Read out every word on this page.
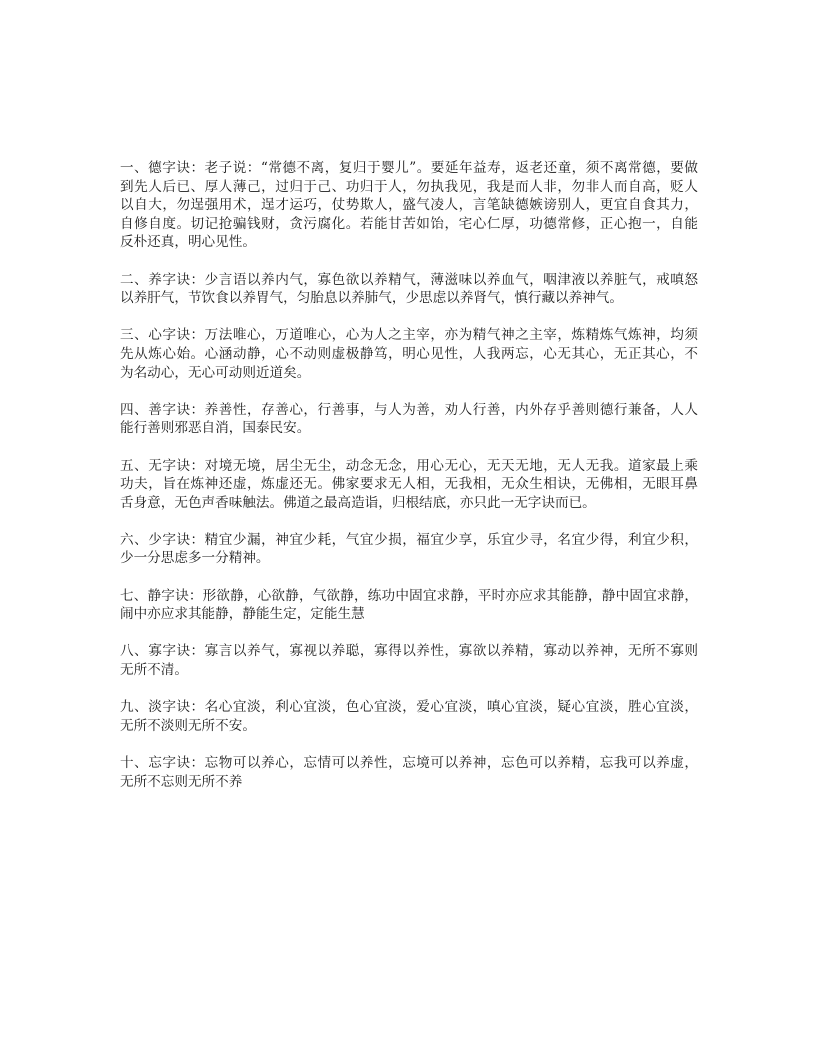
一、德字诀：老子说：“常德不离，复归于婴儿”。要延年益寿，返老还童，须不离常德，要做
到先人后已、厚人薄己，过归于己、功归于人，勿执我见，我是而人非，勿非人而自高，贬人
以自大，勿逞强用术，逞才运巧，仗势欺人，盛气凌人，言笔缺德嫉谤别人，更宜自食其力，
自修自度。切记抢骗钱财，贪污腐化。若能甘苦如饴，宅心仁厚，功德常修，正心抱一，自能
反朴还真，明心见性。

二、养字诀：少言语以养内气，寡色欲以养精气，薄滋味以养血气，咽津液以养脏气，戒嗔怒
以养肝气，节饮食以养胃气，匀胎息以养肺气，少思虑以养肾气，慎行藏以养神气。

三、心字诀：万法唯心，万道唯心，心为人之主宰，亦为精气神之主宰，炼精炼气炼神，均须
先从炼心始。心涵动静，心不动则虚极静笃，明心见性，人我两忘，心无其心，无正其心，不
为名动心，无心可动则近道矣。

四、善字诀：养善性，存善心，行善事，与人为善，劝人行善，内外存乎善则德行兼备，人人
能行善则邪恶自消，国泰民安。

五、无字诀：对境无境，居尘无尘，动念无念，用心无心，无天无地，无人无我。道家最上乘
功夫，旨在炼神还虚，炼虚还无。佛家要求无人相，无我相，无众生相诀，无佛相，无眼耳鼻
舌身意，无色声香味触法。佛道之最高造诣，归根结底，亦只此一无字诀而已。

六、少字诀：精宜少漏，神宜少耗，气宜少损，福宜少享，乐宜少寻，名宜少得，利宜少积，
少一分思虑多一分精神。

七、静字诀：形欲静，心欲静，气欲静，练功中固宜求静，平时亦应求其能静，静中固宜求静，
闹中亦应求其能静，静能生定，定能生慧

八、寡字诀：寡言以养气，寡视以养聪，寡得以养性，寡欲以养精，寡动以养神，无所不寡则
无所不清。

九、淡字诀：名心宜淡，利心宜淡，色心宜淡，爱心宜淡，嗔心宜淡，疑心宜淡，胜心宜淡，
无所不淡则无所不安。

十、忘字诀：忘物可以养心，忘情可以养性，忘境可以养神，忘色可以养精，忘我可以养虚，
无所不忘则无所不养
